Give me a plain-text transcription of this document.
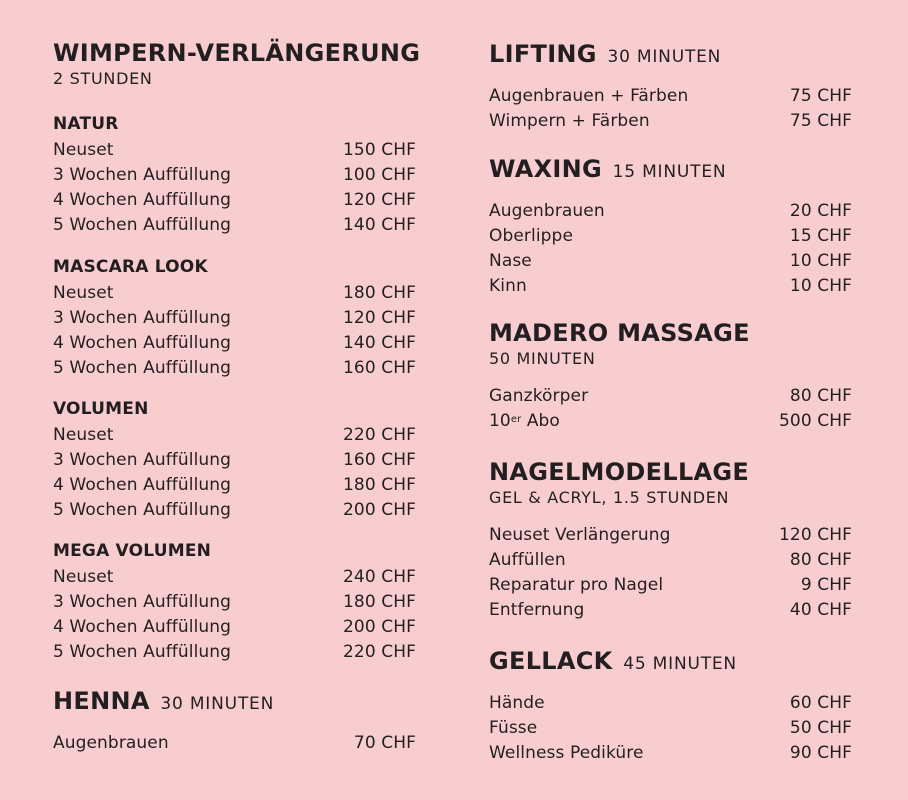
WIMPERN-VERLÄNGERUNG
2 STUNDEN
NATUR
Neuset	150 CHF
3 Wochen Auffüllung	100 CHF
4 Wochen Auffüllung	120 CHF
5 Wochen Auffüllung	140 CHF
MASCARA LOOK
Neuset	180 CHF
3 Wochen Auffüllung	120 CHF
4 Wochen Auffüllung	140 CHF
5 Wochen Auffüllung	160 CHF
VOLUMEN
Neuset	220 CHF
3 Wochen Auffüllung	160 CHF
4 Wochen Auffüllung	180 CHF
5 Wochen Auffüllung	200 CHF
MEGA VOLUMEN
Neuset	240 CHF
3 Wochen Auffüllung	180 CHF
4 Wochen Auffüllung	200 CHF
5 Wochen Auffüllung	220 CHF
HENNA 30 MINUTEN
Augenbrauen	70 CHF
LIFTING 30 MINUTEN
Augenbrauen + Färben	75 CHF
Wimpern + Färben	75 CHF
WAXING 15 MINUTEN
Augenbrauen	20 CHF
Oberlippe	15 CHF
Nase	10 CHF
Kinn	10 CHF
MADERO MASSAGE
50 MINUTEN
Ganzkörper	80 CHF
10er Abo	500 CHF
NAGELMODELLAGE
GEL & ACRYL, 1.5 STUNDEN
Neuset Verlängerung	120 CHF
Auffüllen	80 CHF
Reparatur pro Nagel	9 CHF
Entfernung	40 CHF
GELLACK 45 MINUTEN
Hände	60 CHF
Füsse	50 CHF
Wellness Pediküre	90 CHF
